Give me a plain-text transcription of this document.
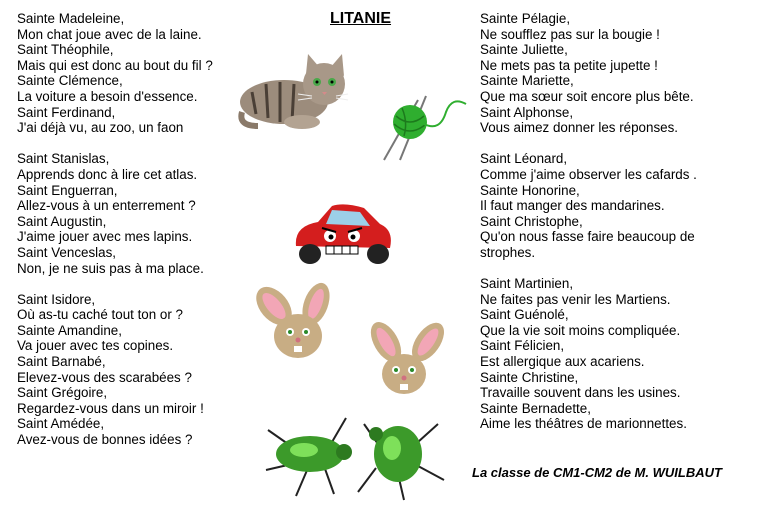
LITANIE

Sainte Madeleine,

Mon chat joue avec de la laine.

Saint Théophile,

Mais qui est donc au bout du fil ?

Sainte Clémence,

La voiture a besoin d'essence.

Saint Ferdinand,

J'ai déjà vu, au zoo, un faon

Saint Stanislas,

Apprends donc à lire cet atlas.

Saint Enguerran,

Allez-vous à un enterrement ?

Saint Augustin,

J'aime jouer avec mes lapins.

Saint Venceslas,

Non, je ne suis pas à ma place.

Saint Isidore,

Où as-tu caché tout ton or ?

Sainte Amandine,

Va jouer avec tes copines.

Saint Barnabé,

Elevez-vous des scarabées ?

Saint Grégoire,

Regardez-vous dans un miroir !

Saint Amédée,

Avez-vous de bonnes idées ?

Sainte Pélagie,

Ne soufflez pas sur la bougie !

Sainte Juliette,

Ne mets pas ta petite jupette !

Sainte Mariette,

Que ma sœur soit encore plus bête.

Saint Alphonse,

Vous aimez donner les réponses.

Saint Léonard,

Comme j'aime observer les cafards .

Sainte Honorine,

Il faut manger des mandarines.

Saint Christophe,

Qu'on nous fasse faire beaucoup de

strophes.

Saint Martinien,

Ne faites pas venir les Martiens.

Saint Guénolé,

Que la vie soit moins compliquée.

Saint Félicien,

Est allergique aux acariens.

Sainte Christine,

Travaille souvent dans les usines.

Sainte Bernadette,

Aime les théâtres de marionnettes.

La classe de CM1-CM2 de M. WUILBAUT
